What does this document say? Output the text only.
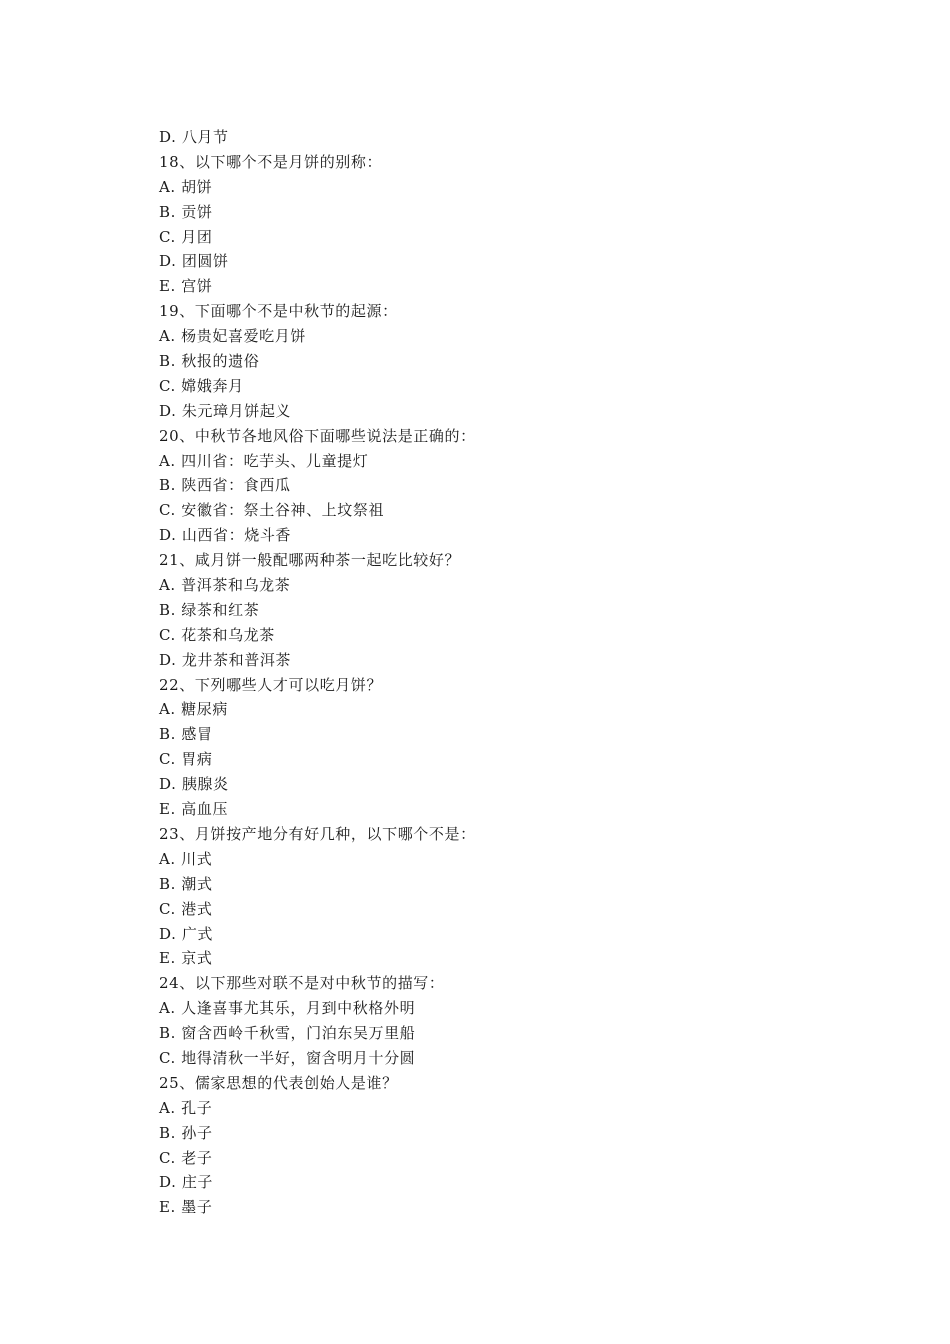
D. 八月节
18、以下哪个不是月饼的别称：
A. 胡饼
B. 贡饼
C. 月团
D. 团圆饼
E. 宫饼
19、下面哪个不是中秋节的起源：
A. 杨贵妃喜爱吃月饼
B. 秋报的遗俗
C. 嫦娥奔月
D. 朱元璋月饼起义
20、中秋节各地风俗下面哪些说法是正确的：
A. 四川省：吃芋头、儿童提灯
B. 陕西省：食西瓜
C. 安徽省：祭土谷神、上坟祭祖
D. 山西省：烧斗香
21、咸月饼一般配哪两种茶一起吃比较好？
A. 普洱茶和乌龙茶
B. 绿茶和红茶
C. 花茶和乌龙茶
D. 龙井茶和普洱茶
22、下列哪些人才可以吃月饼？
A. 糖尿病
B. 感冒
C. 胃病
D. 胰腺炎
E. 高血压
23、月饼按产地分有好几种，以下哪个不是：
A. 川式
B. 潮式
C. 港式
D. 广式
E. 京式
24、以下那些对联不是对中秋节的描写：
A. 人逢喜事尤其乐，月到中秋格外明
B. 窗含西岭千秋雪，门泊东吴万里船
C. 地得清秋一半好，窗含明月十分圆
25、儒家思想的代表创始人是谁？
A. 孔子
B. 孙子
C. 老子
D. 庄子
E. 墨子
